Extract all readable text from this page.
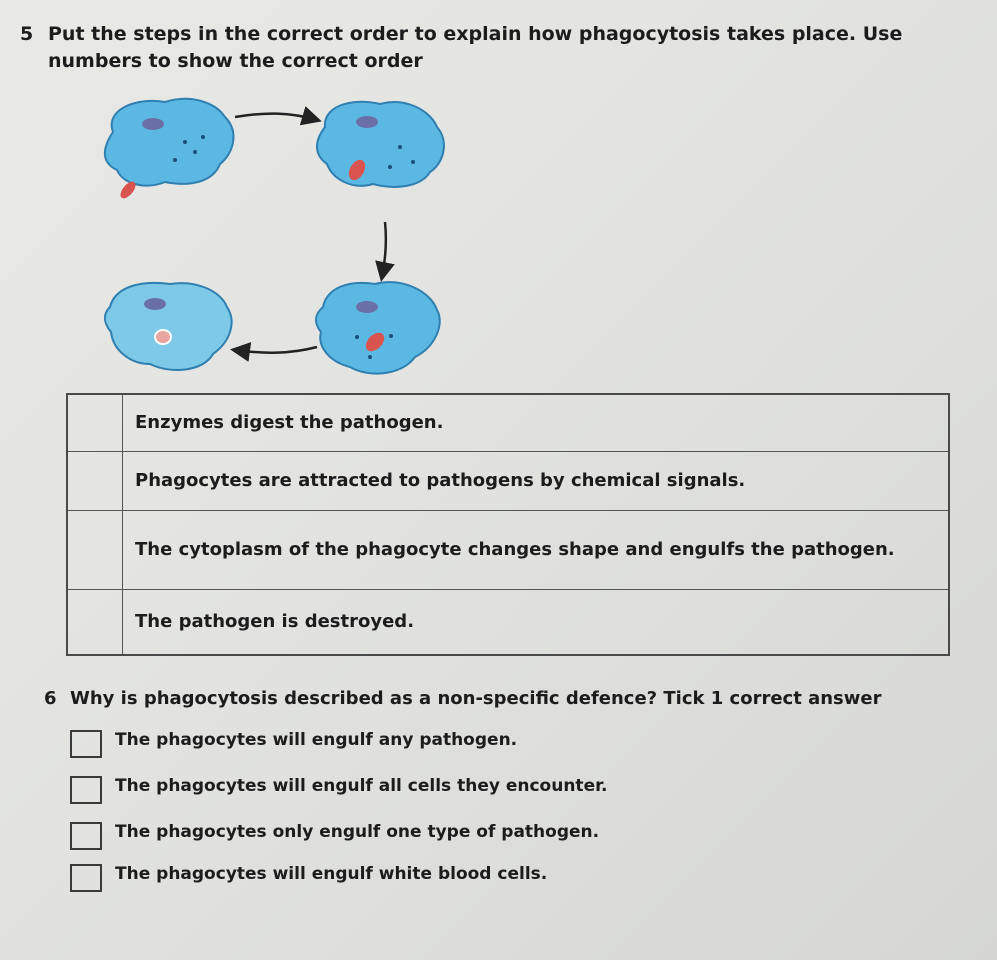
5 Put the steps in the correct order to explain how phagocytosis takes place. Use
numbers to show the correct order
	Enzymes digest the pathogen.
	Phagocytes are attracted to pathogens by chemical signals.
	The cytoplasm of the phagocyte changes shape and engulfs the pathogen.
	The pathogen is destroyed.
6 Why is phagocytosis described as a non-specific defence? Tick 1 correct answer
The phagocytes will engulf any pathogen.
The phagocytes will engulf all cells they encounter.
The phagocytes only engulf one type of pathogen.
The phagocytes will engulf white blood cells.
